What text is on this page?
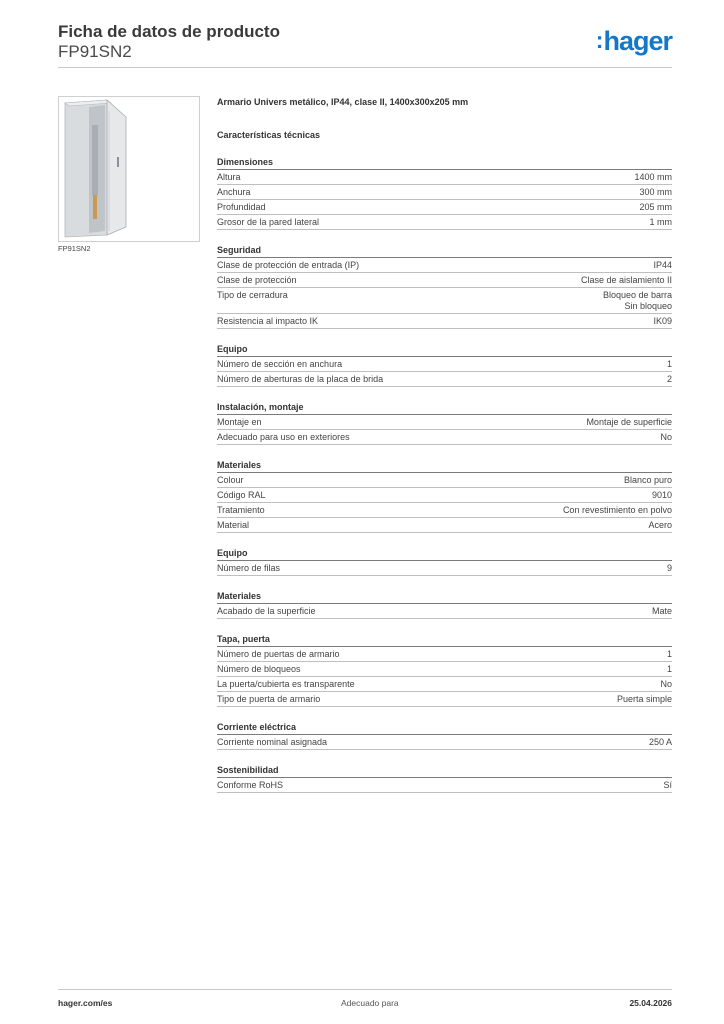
Ficha de datos de producto
FP91SN2	:hager
FP91SN2
Armario Univers metálico, IP44, clase II, 1400x300x205 mm
Características técnicas
Dimensiones
Altura	1400 mm
Anchura	300 mm
Profundidad	205 mm
Grosor de la pared lateral	1 mm
Seguridad
Clase de protección de entrada (IP)	IP44
Clase de protección	Clase de aislamiento II
Tipo de cerradura	Bloqueo de barra
Sin bloqueo
Resistencia al impacto IK	IK09
Equipo
Número de sección en anchura	1
Número de aberturas de la placa de brida	2
Instalación, montaje
Montaje en	Montaje de superficie
Adecuado para uso en exteriores	No
Materiales
Colour	Blanco puro
Código RAL	9010
Tratamiento	Con revestimiento en polvo
Material	Acero
Equipo
Número de filas	9
Materiales
Acabado de la superficie	Mate
Tapa, puerta
Número de puertas de armario	1
Número de bloqueos	1
La puerta/cubierta es transparente	No
Tipo de puerta de armario	Puerta simple
Corriente eléctrica
Corriente nominal asignada	250 A
Sostenibilidad
Conforme RoHS	Sí
hager.com/es	Adecuado para	25.04.2026
